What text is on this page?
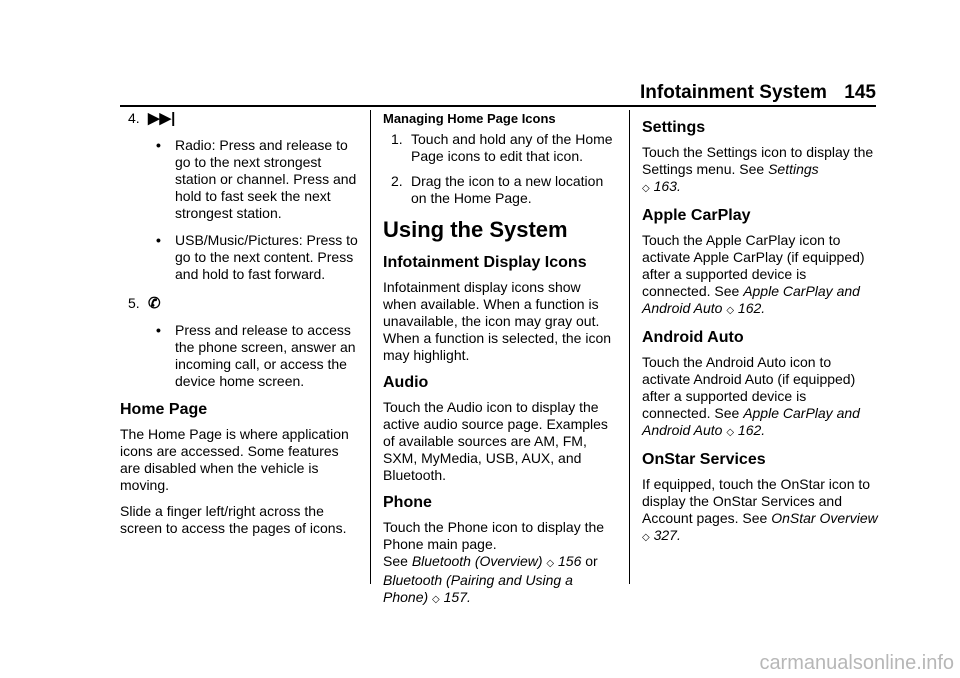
Infotainment System 145
4. ▶▶|
• Radio: Press and release to go to the next strongest station or channel. Press and hold to fast seek the next strongest station.
• USB/Music/Pictures: Press to go to the next content. Press and hold to fast forward.
5. ✆
• Press and release to access the phone screen, answer an incoming call, or access the device home screen.
Home Page

The Home Page is where application icons are accessed. Some features are disabled when the vehicle is moving.

Slide a finger left/right across the screen to access the pages of icons.

Managing Home Page Icons
1. Touch and hold any of the Home Page icons to edit that icon.
2. Drag the icon to a new location on the Home Page.
Using the System
Infotainment Display Icons

Infotainment display icons show when available. When a function is unavailable, the icon may gray out. When a function is selected, the icon may highlight.

Audio

Touch the Audio icon to display the active audio source page. Examples of available sources are AM, FM, SXM, MyMedia, USB, AUX, and Bluetooth.

Phone

Touch the Phone icon to display the Phone main page.
See Bluetooth (Overview) ◇ 156 or Bluetooth (Pairing and Using a Phone) ◇ 157.

Settings

Touch the Settings icon to display the Settings menu. See Settings
◇ 163.

Apple CarPlay

Touch the Apple CarPlay icon to activate Apple CarPlay (if equipped) after a supported device is connected. See Apple CarPlay and Android Auto ◇ 162.

Android Auto

Touch the Android Auto icon to activate Android Auto (if equipped) after a supported device is connected. See Apple CarPlay and Android Auto ◇ 162.

OnStar Services

If equipped, touch the OnStar icon to display the OnStar Services and Account pages. See OnStar Overview ◇ 327.

carmanualsonline.info
